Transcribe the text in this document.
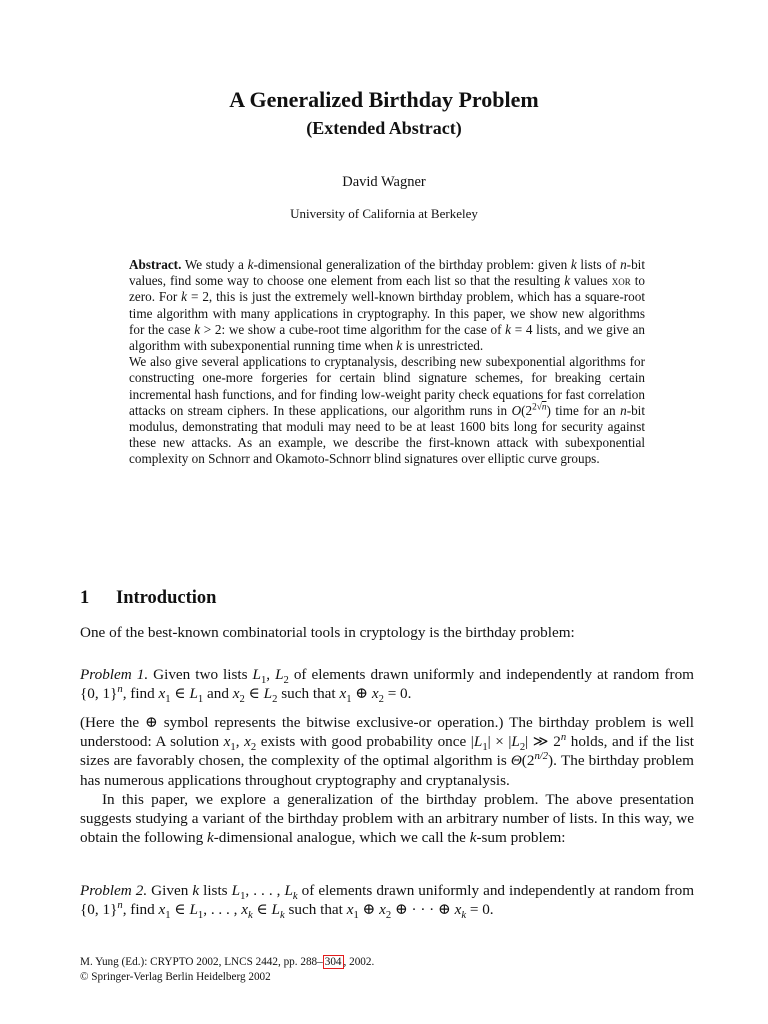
A Generalized Birthday Problem
(Extended Abstract)
David Wagner
University of California at Berkeley

Abstract. We study a k-dimensional generalization of the birthday problem: given k lists of n-bit values, find some way to choose one element from each list so that the resulting k values xor to zero. For k = 2, this is just the extremely well-known birthday problem, which has a square-root time algorithm with many applications in cryptography. In this paper, we show new algorithms for the case k > 2: we show a cube-root time algorithm for the case of k = 4 lists, and we give an algorithm with subexponential running time when k is unrestricted.

We also give several applications to cryptanalysis, describing new subexponential algorithms for constructing one-more forgeries for certain blind signature schemes, for breaking certain incremental hash functions, and for finding low-weight parity check equations for fast correlation attacks on stream ciphers. In these applications, our algorithm runs in $O(2^{2√n})$ time for an n-bit modulus, demonstrating that moduli may need to be at least 1600 bits long for security against these new attacks. As an example, we describe the first-known attack with subexponential complexity on Schnorr and Okamoto-Schnorr blind signatures over elliptic curve groups.

1 Introduction

One of the best-known combinatorial tools in cryptology is the birthday problem:

Problem 1. Given two lists $L_1$, $L_2$ of elements drawn uniformly and independently at random from {0, 1}$^n$, find $x_1$ ∈ $L_1$ and $x_2$ ∈ $L_2$ such that $x_1$ ⊕ $x_2 = 0$.

(Here the ⊕ symbol represents the bitwise exclusive-or operation.) The birthday problem is well understood: A solution $x_1$, $x_2$ exists with good probability once $|L_1| \times |L_2|$ ≫ 2$^n$ holds, and if the list sizes are favorably chosen, the complexity of the optimal algorithm is $\Theta(2^{n/2})$. The birthday problem has numerous applications throughout cryptography and cryptanalysis.

In this paper, we explore a generalization of the birthday problem. The above presentation suggests studying a variant of the birthday problem with an arbitrary number of lists. In this way, we obtain the following k-dimensional analogue, which we call the k-sum problem:

Problem 2. Given k lists $L_1$, . . . , $L_k$ of elements drawn uniformly and independently at random from {0, 1}$^n$, find $x_1$ ∈ $L_1$, . . . , $x_k$ ∈ $L_k$ such that $x_1$ ⊕ $x_2$ ⊕ · · · ⊕ $x_k = 0$.

M. Yung (Ed.): CRYPTO 2002, LNCS 2442, pp. 288– 304 , 2002.
© Springer-Verlag Berlin Heidelberg 2002
